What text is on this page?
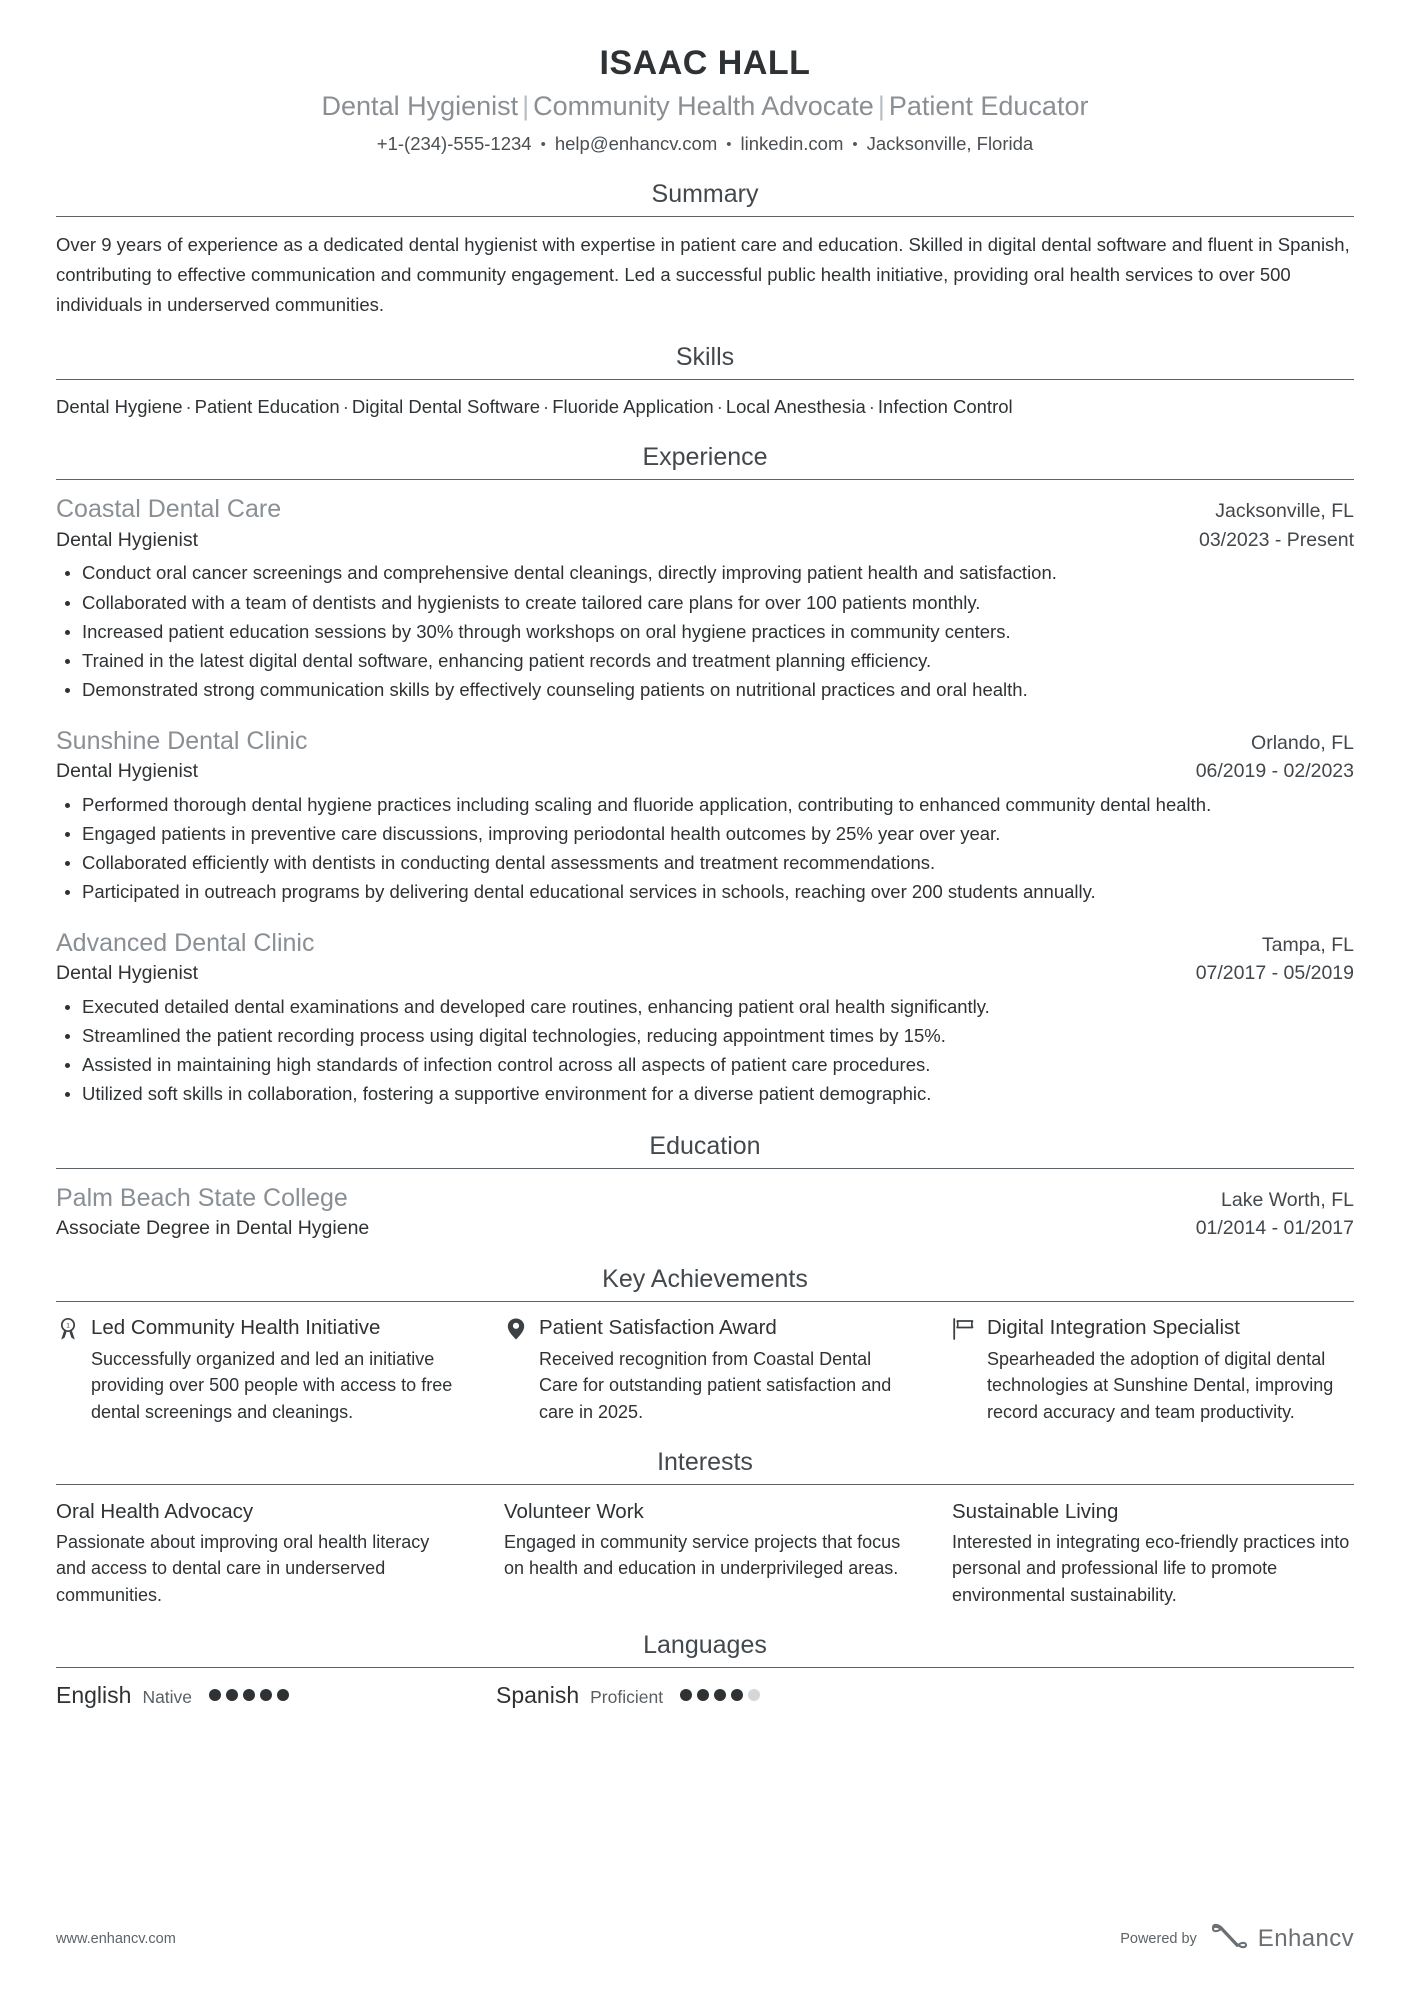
ISAAC HALL
Dental Hygienist | Community Health Advocate | Patient Educator
+1-(234)-555-1234 • help@enhancv.com • linkedin.com • Jacksonville, Florida
Summary
Over 9 years of experience as a dedicated dental hygienist with expertise in patient care and education. Skilled in digital dental software and fluent in Spanish, contributing to effective communication and community engagement. Led a successful public health initiative, providing oral health services to over 500 individuals in underserved communities.
Skills
Dental Hygiene · Patient Education · Digital Dental Software · Fluoride Application · Local Anesthesia · Infection Control
Experience
Coastal Dental Care	Jacksonville, FL
Dental Hygienist	03/2023 - Present
Conduct oral cancer screenings and comprehensive dental cleanings, directly improving patient health and satisfaction.
Collaborated with a team of dentists and hygienists to create tailored care plans for over 100 patients monthly.
Increased patient education sessions by 30% through workshops on oral hygiene practices in community centers.
Trained in the latest digital dental software, enhancing patient records and treatment planning efficiency.
Demonstrated strong communication skills by effectively counseling patients on nutritional practices and oral health.
Sunshine Dental Clinic	Orlando, FL
Dental Hygienist	06/2019 - 02/2023
Performed thorough dental hygiene practices including scaling and fluoride application, contributing to enhanced community dental health.
Engaged patients in preventive care discussions, improving periodontal health outcomes by 25% year over year.
Collaborated efficiently with dentists in conducting dental assessments and treatment recommendations.
Participated in outreach programs by delivering dental educational services in schools, reaching over 200 students annually.
Advanced Dental Clinic	Tampa, FL
Dental Hygienist	07/2017 - 05/2019
Executed detailed dental examinations and developed care routines, enhancing patient oral health significantly.
Streamlined the patient recording process using digital technologies, reducing appointment times by 15%.
Assisted in maintaining high standards of infection control across all aspects of patient care procedures.
Utilized soft skills in collaboration, fostering a supportive environment for a diverse patient demographic.
Education
Palm Beach State College	Lake Worth, FL
Associate Degree in Dental Hygiene	01/2014 - 01/2017
Key Achievements
1 Led Community Health Initiative
Successfully organized and led an initiative providing over 500 people with access to free dental screenings and cleanings.
Patient Satisfaction Award
Received recognition from Coastal Dental Care for outstanding patient satisfaction and care in 2025.
Digital Integration Specialist
Spearheaded the adoption of digital dental technologies at Sunshine Dental, improving record accuracy and team productivity.
Interests
Oral Health Advocacy
Passionate about improving oral health literacy and access to dental care in underserved communities.
Volunteer Work
Engaged in community service projects that focus on health and education in underprivileged areas.
Sustainable Living
Interested in integrating eco-friendly practices into personal and professional life to promote environmental sustainability.
Languages
English Native	Spanish Proficient
www.enhancv.com	Powered by	Enhancv
